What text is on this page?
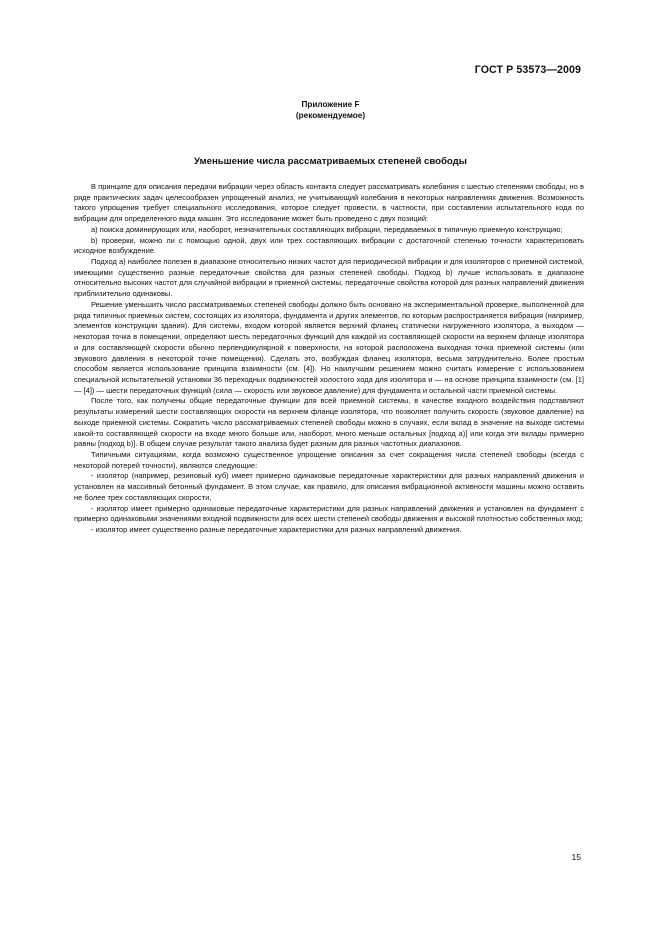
ГОСТ Р 53573—2009
Приложение F
(рекомендуемое)
Уменьшение числа рассматриваемых степеней свободы

В принципе для описания передачи вибрации через область контакта следует рассматривать колебания с шестью степенями свободы, но в ряде практических задач целесообразен упрощенный анализ, не учитывающий колебания в некоторых направлениях движения. Возможность такого упрощения требует специального исследования, которое следует провести, в частности, при составлении испытательного кода по вибрации для определенного вида машин. Это исследование может быть проведено с двух позиций:

а) поиска доминирующих или, наоборот, незначительных составляющих вибрации, передаваемых в типичную приемную конструкцию;

b) проверки, можно ли с помощью одной, двух или трех составляющих вибрации с достаточной степенью точности характеризовать исходное возбуждение.

Подход а) наиболее полезен в диапазоне относительно низких частот для периодической вибрации и для изоляторов с приемной системой, имеющими существенно разные передаточные свойства для разных степеней свободы. Подход b) лучше использовать в диапазоне относительно высоких частот для случайной вибрации и приемной системы, передаточные свойства которой для разных направлений движения приблизительно одинаковы.

Решение уменьшить число рассматриваемых степеней свободы должно быть основано на экспериментальной проверке, выполненной для ряда типичных приемных систем, состоящих из изолятора, фундамента и других элементов, по которым распространяется вибрация (например, элементов конструкции здания). Для системы, входом которой является верхний фланец статически нагруженного изолятора, а выходом — некоторая точка в помещении, определяют шесть передаточных функций для каждой из составляющей скорости на верхнем фланце изолятора и для составляющей скорости обычно перпендикулярной к поверхности, на которой расположена выходная точка приемной системы (или звукового давления в некоторой точке помещения). Сделать это, возбуждая фланец изолятора, весьма затруднительно. Более простым способом является использование принципа взаимности (см. [4]). Но наилучшим решением можно считать измерение с использованием специальной испытательной установки 36 переходных подвижностей холостого хода для изолятора и — на основе принципа взаимности (см. [1] — [4]) — шести передаточных функций (сила — скорость или звуковое давление) для фундамента и остальной части приемной системы.

После того, как получены общие передаточные функции для всей приемной системы, в качестве входного воздействия подставляют результаты измерений шести составляющих скорости на верхнем фланце изолятора, что позволяет получить скорость (звуковое давление) на выходе приемной системы. Сократить число рассматриваемых степеней свободы можно в случаях, если вклад в значение на выходе системы какой-то составляющей скорости на входе много больше или, наоборот, много меньше остальных [подход а)] или когда эти вклады примерно равны [подход b)]. В общем случае результат такого анализа будет разным для разных частотных диапазонов.

Типичными ситуациями, когда возможно существенное упрощение описания за счет сокращения числа степеней свободы (всегда с некоторой потерей точности), являются следующие:

- изолятор (например, резиновый куб) имеет примерно одинаковые передаточные характеристики для разных направлений движения и установлен на массивный бетонный фундамент. В этом случае, как правило, для описания вибрационной активности машины можно оставить не более трех составляющих скорости,

- изолятор имеет примерно одинаковые передаточные характеристики для разных направлений движения и установлен на фундамент с примерно одинаковыми значениями входной подвижности для всех шести степеней свободы движения и высокой плотностью собственных мод;

- изолятор имеет существенно разные передаточные характеристики для разных направлений движения.

15
